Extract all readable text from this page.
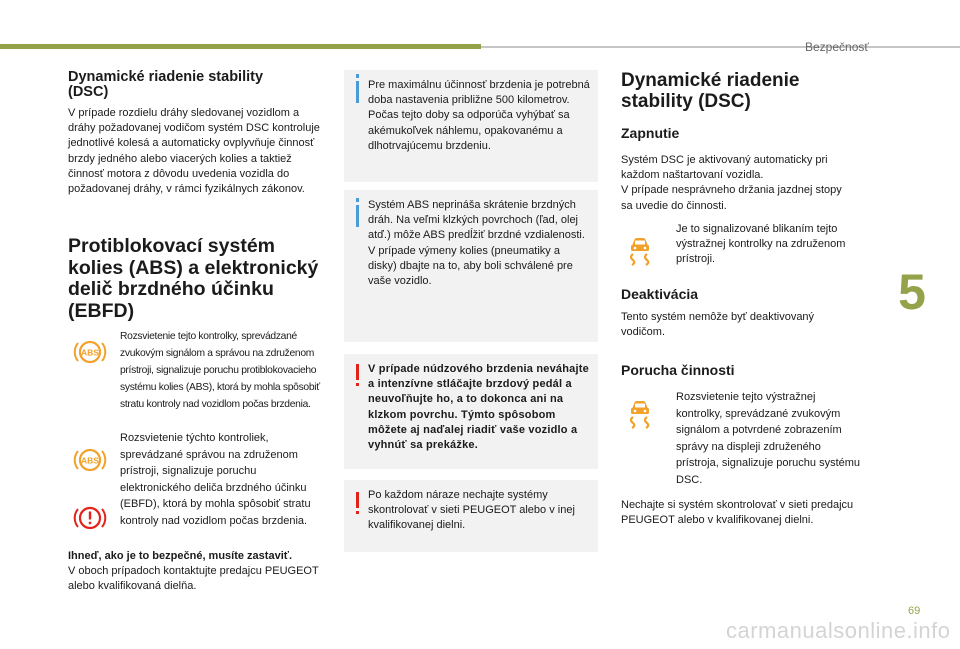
Bezpečnosť
5
69
carmanualsonline.info
Dynamické riadenie stability (DSC)

V prípade rozdielu dráhy sledovanej vozidlom a dráhy požadovanej vodičom systém DSC kontroluje jednotlivé kolesá a automaticky ovplyvňuje činnosť brzdy jedného alebo viacerých kolies a taktiež činnosť motora z dôvodu uvedenia vozidla do požadovanej dráhy, v rámci fyzikálnych zákonov.

Protiblokovací systém kolies (ABS) a elektronický delič brzdného účinku (EBFD)
ABS

Rozsvietenie tejto kontrolky, sprevádzané zvukovým signálom a správou na združenom prístroji, signalizuje poruchu protiblokovacieho systému kolies (ABS), ktorá by mohla spôsobiť stratu kontroly nad vozidlom počas brzdenia.

ABS

Rozsvietenie týchto kontroliek, sprevádzané správou na združenom prístroji, signalizuje poruchu elektronického deliča brzdného účinku (EBFD), ktorá by mohla spôsobiť stratu kontroly nad vozidlom počas brzdenia.

Ihneď, ako je to bezpečné, musíte zastaviť.

V oboch prípadoch kontaktujte predajcu PEUGEOT alebo kvalifikovaná dielňa.

Pre maximálnu účinnosť brzdenia je potrebná doba nastavenia približne 500 kilometrov. Počas tejto doby sa odporúča vyhýbať sa akémukoľvek náhlemu, opakovanému a dlhotrvajúcemu brzdeniu.
Systém ABS neprináša skrátenie brzdných dráh. Na veľmi klzkých povrchoch (ľad, olej atď.) môže ABS predĺžiť brzdné vzdialenosti.
V prípade výmeny kolies (pneumatiky a disky) dbajte na to, aby boli schválené pre vaše vozidlo.
V prípade núdzového brzdenia neváhajte a intenzívne stláčajte brzdový pedál a neuvoľňujte ho, a to dokonca ani na klzkom povrchu. Týmto spôsobom môžete aj naďalej riadiť vaše vozidlo a vyhnúť sa prekážke.
Po každom náraze nechajte systémy skontrolovať v sieti PEUGEOT alebo v inej kvalifikovanej dielni.
Dynamické riadenie stability (DSC)
Zapnutie

Systém DSC je aktivovaný automaticky pri každom naštartovaní vozidla.
V prípade nesprávneho držania jazdnej stopy sa uvedie do činnosti.

Je to signalizované blikaním tejto výstražnej kontrolky na združenom prístroji.

Deaktivácia

Tento systém nemôže byť deaktivovaný vodičom.

Porucha činnosti

Rozsvietenie tejto výstražnej kontrolky, sprevádzané zvukovým signálom a potvrdené zobrazením správy na displeji združeného prístroja, signalizuje poruchu systému DSC.

Nechajte si systém skontrolovať v sieti predajcu PEUGEOT alebo v kvalifikovanej dielni.
